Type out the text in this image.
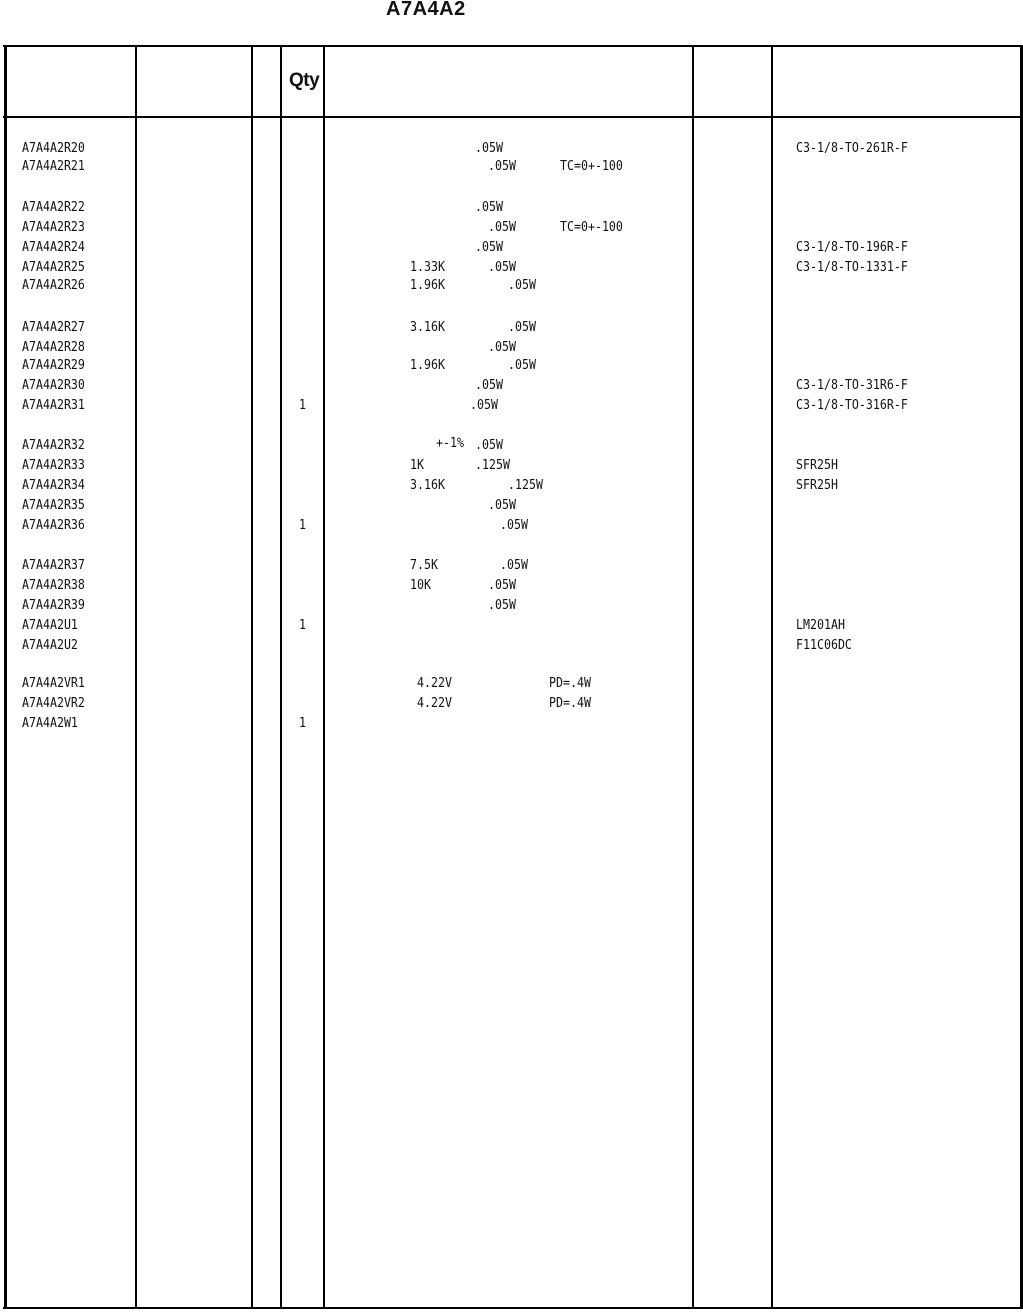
A7A4A2
Qty
A7A4A2R20	.05W	C3-1/8-TO-261R-F
A7A4A2R21	.05W	TC=0+-100
A7A4A2R22	.05W
A7A4A2R23	.05W	TC=0+-100
A7A4A2R24	.05W	C3-1/8-TO-196R-F
A7A4A2R25	1.33K	.05W	C3-1/8-TO-1331-F
A7A4A2R26	1.96K	.05W
A7A4A2R27	3.16K	.05W
A7A4A2R28	.05W
A7A4A2R29	1.96K	.05W
A7A4A2R30	.05W	C3-1/8-TO-31R6-F
A7A4A2R31	1	.05W	C3-1/8-TO-316R-F
A7A4A2R32	+-1% .05W
A7A4A2R33	1K	.125W	SFR25H
A7A4A2R34	3.16K	.125W	SFR25H
A7A4A2R35	.05W
A7A4A2R36	1	.05W
A7A4A2R37	7.5K	.05W
A7A4A2R38	10K	.05W
A7A4A2R39	.05W
A7A4A2U1	1	LM201AH
A7A4A2U2	F11C06DC
A7A4A2VR1	4.22V	PD=.4W
A7A4A2VR2	4.22V	PD=.4W
A7A4A2W1	1
